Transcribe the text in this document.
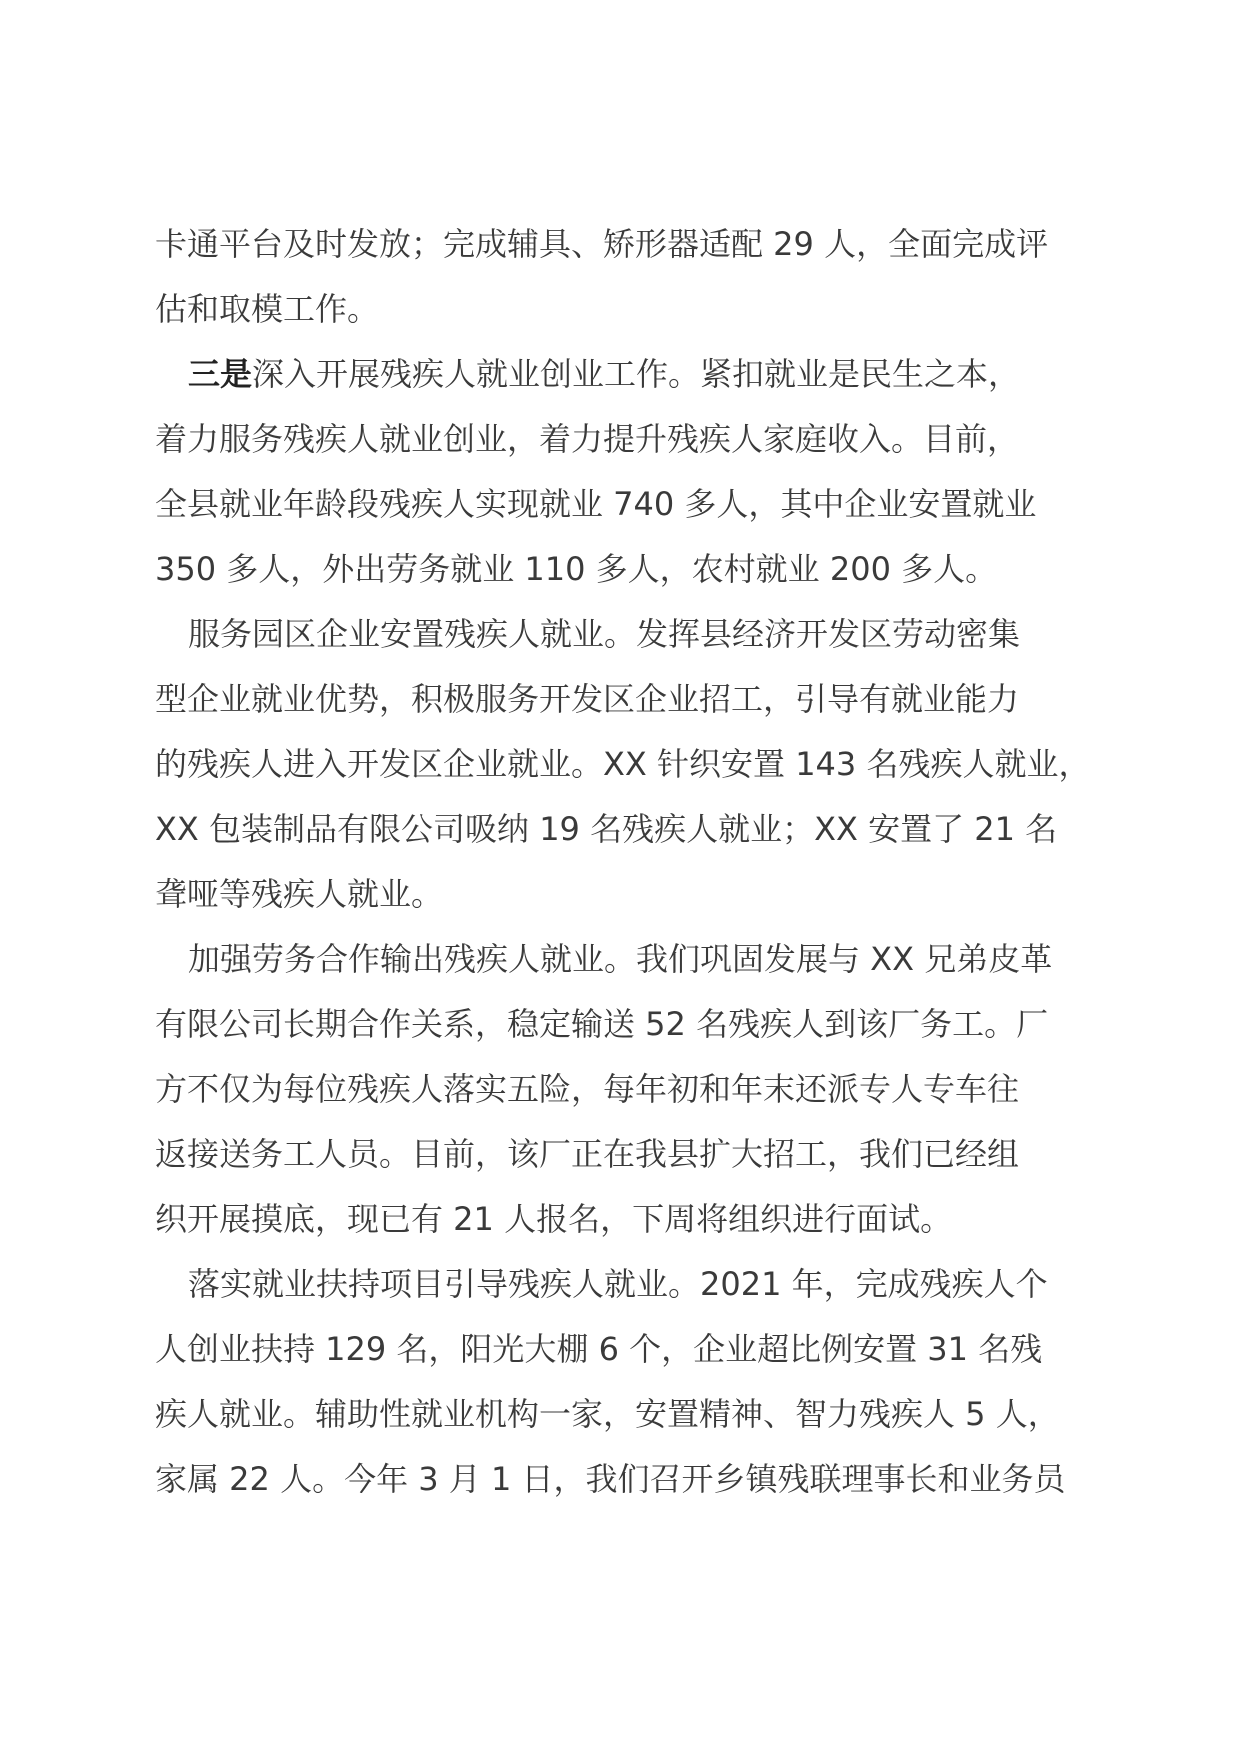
卡通平台及时发放；完成辅具、矫形器适配 29 人，全面完成评
估和取模工作。
三是深入开展残疾人就业创业工作。紧扣就业是民生之本，
着力服务残疾人就业创业，着力提升残疾人家庭收入。目前，
全县就业年龄段残疾人实现就业 740 多人，其中企业安置就业
350 多人，外出劳务就业 110 多人，农村就业 200 多人。
服务园区企业安置残疾人就业。发挥县经济开发区劳动密集
型企业就业优势，积极服务开发区企业招工，引导有就业能力
的残疾人进入开发区企业就业。XX 针织安置 143 名残疾人就业，
XX 包装制品有限公司吸纳 19 名残疾人就业；XX 安置了 21 名
聋哑等残疾人就业。
加强劳务合作输出残疾人就业。我们巩固发展与 XX 兄弟皮革
有限公司长期合作关系，稳定输送 52 名残疾人到该厂务工。厂
方不仅为每位残疾人落实五险，每年初和年末还派专人专车往
返接送务工人员。目前，该厂正在我县扩大招工，我们已经组
织开展摸底，现已有 21 人报名，下周将组织进行面试。
落实就业扶持项目引导残疾人就业。2021 年，完成残疾人个
人创业扶持 129 名，阳光大棚 6 个，企业超比例安置 31 名残
疾人就业。辅助性就业机构一家，安置精神、智力残疾人 5 人，
家属 22 人。今年 3 月 1 日，我们召开乡镇残联理事长和业务员
